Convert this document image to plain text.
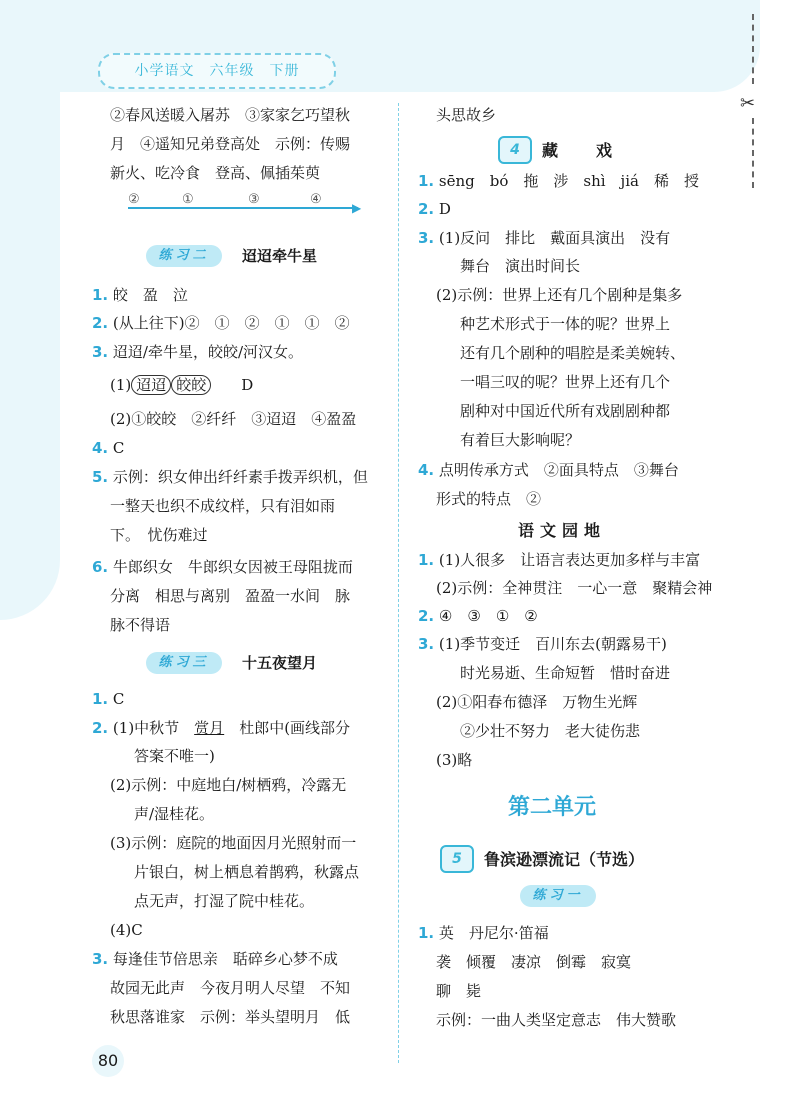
小学语文　六年级　下册
✂
②春风送暖入屠苏　③家家乞巧望秋
月　④遥知兄弟登高处　示例：传赐
新火、吃冷食　登高、佩插茱萸
▶
②	①	③	④
练习二	迢迢牵牛星
1. 皎　盈　泣
2. (从上往下)②　①　②　①　①　②
3. 迢迢/牵牛星，皎皎/河汉女。
(1) 迢迢 皎皎　　 D
(2)①皎皎　②纤纤　③迢迢　④盈盈
4. C
5. 示例：织女伸出纤纤素手拨弄织机，但
一整天也织不成纹样，只有泪如雨
下。　忧伤难过
6. 牛郎织女　牛郎织女因被王母阻拢而
分离　相思与离别　盈盈一水间　脉
脉不得语
练习三	十五夜望月
1. C
2. (1)中秋节　赏月　杜郎中(画线部分
答案不唯一)
(2)示例：中庭地白/树栖鸦，冷露无
声/湿桂花。
(3)示例：庭院的地面因月光照射而一
片银白，树上栖息着鹊鸦，秋露点
点无声，打湿了院中桂花。
(4)C
3. 每逢佳节倍思亲　聒碎乡心梦不成
故园无此声　今夜月明人尽望　不知
秋思落谁家　示例：举头望明月　低
80
头思故乡
4	藏　　戏
1. sēng　bó　拖　涉　shì　jiá　稀　授
2. D
3. (1)反问　排比　戴面具演出　没有
舞台　演出时间长
(2)示例：世界上还有几个剧种是集多
种艺术形式于一体的呢？世界上
还有几个剧种的唱腔是柔美婉转、
一唱三叹的呢？世界上还有几个
剧种对中国近代所有戏剧剧种都
有着巨大影响呢？
4. 点明传承方式　②面具特点　③舞台
形式的特点　②
语文园地
1. (1)人很多　让语言表达更加多样与丰富
(2)示例：全神贯注　一心一意　聚精会神
2. ④　③　①　②
3. (1)季节变迁　百川东去(朝露易干)
时光易逝、生命短暂　惜时奋进
(2)①阳春布德泽　万物生光辉
②少壮不努力　老大徒伤悲
(3)略
第二单元
5	鲁滨逊漂流记（节选）
练习一
1. 英　丹尼尔·笛福
袭　倾覆　凄凉　倒霉　寂寞
聊　毙
示例：一曲人类坚定意志　伟大赞歌
